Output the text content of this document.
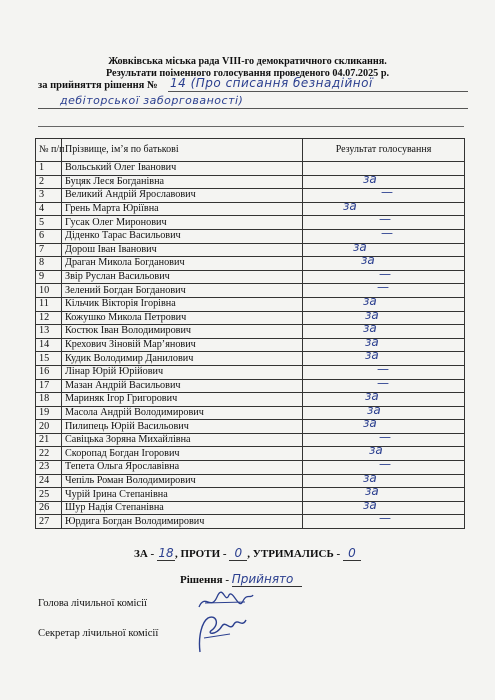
Жовківська міська рада VIII-го демократичного скликання.
Результати поіменного голосування проведеного 04.07.2025 р.
за прийняття рішення № 14 (Про списання безнадійної
дебіторської заборгованості)
№ п/п	Прізвище, ім’я по батькові	Результат голосування
1	Вольський Олег Іванович	

2	Буцяк Леся Богданівна	за

3	Великий Андрій Ярославович	—

4	Грень Марта Юріївна	за

5	Гусак Олег Миронович	—

6	Діденко Тарас Васильович	—

7	Дорош Іван Іванович	за

8	Драган Микола Богданович	за

9	Звір Руслан Васильович	—

10	Зелений Богдан Богданович	—

11	Кільчик Вікторія Ігорівна	за

12	Кожушко Микола Петрович	за

13	Костюк Іван Володимирович	за

14	Крехович Зіновій Мар’янович	за

15	Кудик Володимир Данилович	за

16	Лінар Юрій Юрійович	—

17	Мазан Андрій Васильович	—

18	Мариняк Ігор Григорович	за

19	Масола Андрій Володимирович	за

20	Пилипець Юрій Васильович	за

21	Савіцька Зоряна Михайлівна	—

22	Скоропад Богдан Ігорович	за

23	Тепета Ольга Ярославівна	—

24	Чепіль Роман Володимирович	за

25	Чурій Ірина Степанівна	за

26	Шур Надія Степанівна	за

27	Юрдига Богдан Володимирович	—
ЗА - 18, ПРОТИ - 0 , УТРИМАЛИСЬ - 0
Рішення - Прийнято
Голова лічильної комісії
Секретар лічильної комісії
